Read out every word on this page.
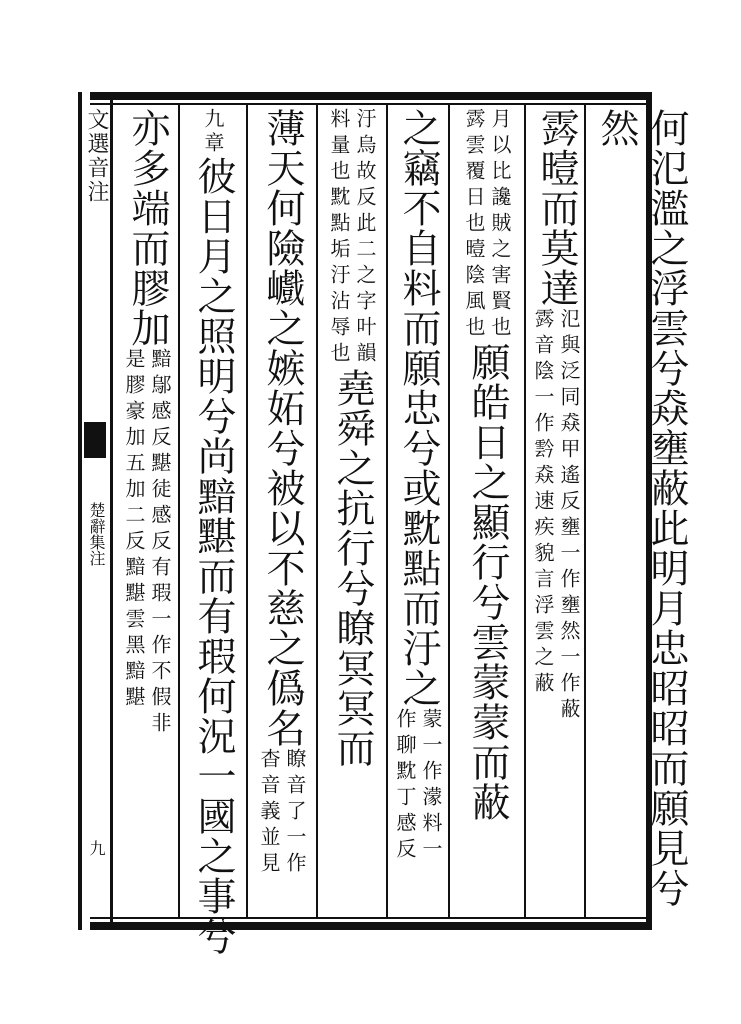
文選音注
楚辭集注
九	何氾濫之浮雲兮猋壅蔽此明月忠昭昭而願見兮然
霠曀而莫達
氾與泛同猋甲遙反壅一作壅然一作蔽
霠音陰一作霒猋速疾貌言浮雲之蔽
月以比讒賊之害賢也
霠雲覆日也曀陰風也
願皓日之顯行兮雲蒙蒙而蔽
之竊不自料而願忠兮或黕點而汙之
蒙一作濛料一
作聊黕丁感反
汙烏故反此二之字叶韻
料量也黕點垢汙沾辱也
堯舜之抗行兮瞭冥冥而
薄天何險巇之嫉妬兮被以不慈之僞名
瞭音了一作
杳音義並見
九章
彼日月之照明兮尚黯黮而有瑕何況一國之事兮
亦多端而膠加
黯鄔感反黮徒感反有瑕一作不假非
是膠豪加五加二反黯黮雲黑黯黮
